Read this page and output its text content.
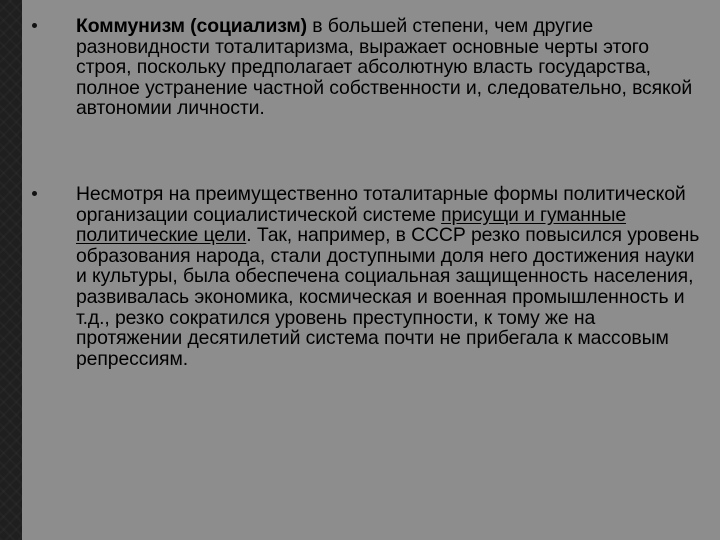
Коммунизм (социализм) в большей степени, чем другие разновидности тоталитаризма, выражает основные черты этого строя, поскольку предполагает абсолютную власть государства, полное устранение частной собственности и, следовательно, всякой автономии личности.

Несмотря на преимущественно тоталитарные формы политической организации социалистической системе присущи и гуманные политические цели. Так, например, в СССР резко повысился уровень образования народа, стали доступными доля него достижения науки и культуры, была обеспечена социальная защищенность населения, развивалась экономика, космическая и военная промышленность и т.д., резко сократился уровень преступности, к тому же на протяжении десятилетий система почти не прибегала к массовым репрессиям.
